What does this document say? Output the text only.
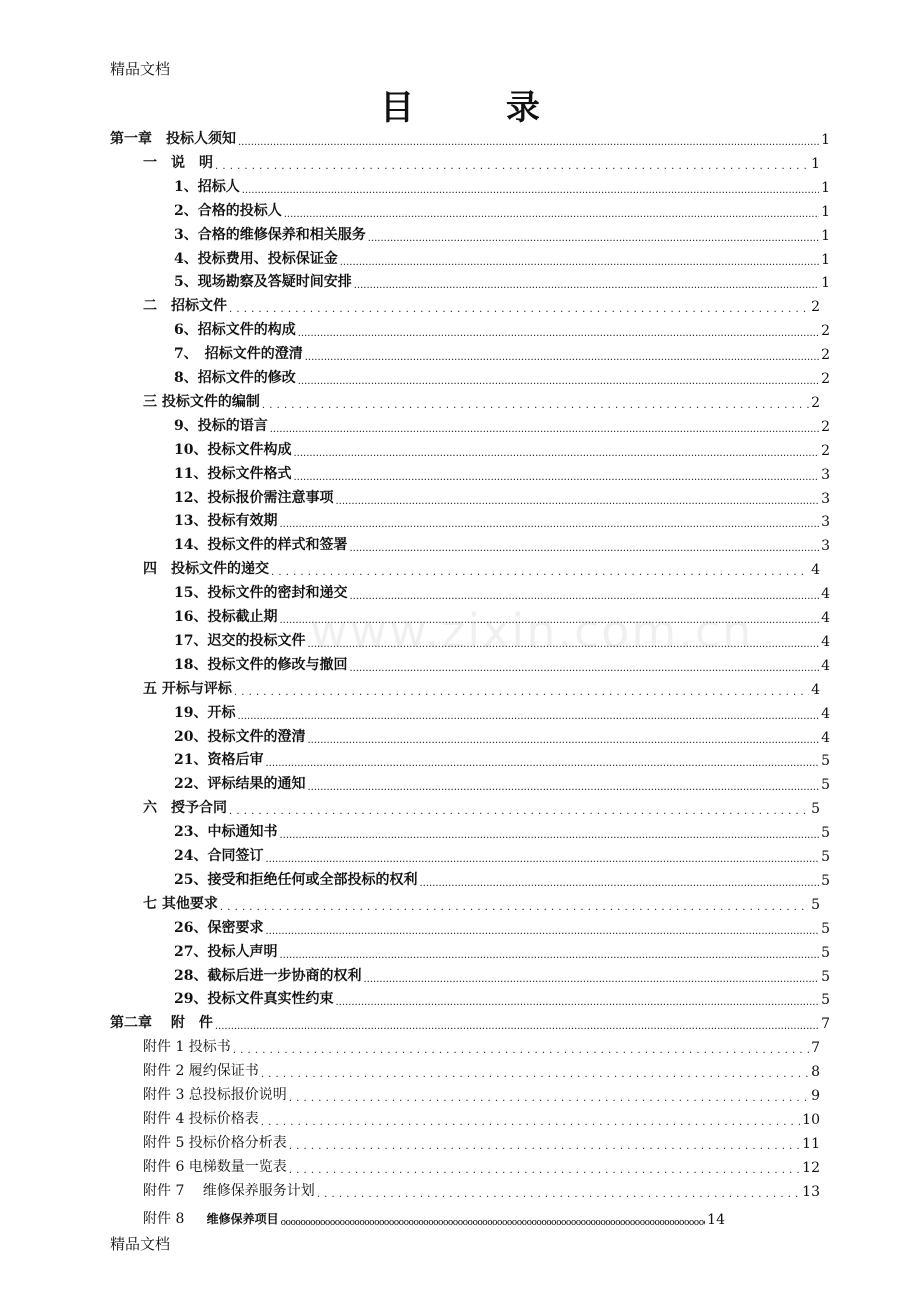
精品文档
目 录
www.zixin.com.cn
第一章　投标人须知 .....	1
一　说　明 . . .	1
1、招标人 .....	1
2、合格的投标人 .....	1
3、合格的维修保养和相关服务 .....	1
4、投标费用、投标保证金 .....	1
5、现场勘察及答疑时间安排 .....	1
二　招标文件 . . .	2
6、招标文件的构成 .....	2
7、　招标文件的澄清 .....	2
8、招标文件的修改 .....	2
三 投标文件的编制 . . .	2
9、投标的语言 .....	2
10、投标文件构成 .....	2
11、投标文件格式 .....	3
12、投标报价需注意事项 .....	3
13、投标有效期 .....	3
14、投标文件的样式和签署 .....	3
四　投标文件的递交 . . .	4
15、投标文件的密封和递交 .....	4
16、投标截止期 .....	4
17、迟交的投标文件 .....	4
18、投标文件的修改与撤回 .....	4
五 开标与评标 . . .	4
19、开标 .....	4
20、投标文件的澄清 .....	4
21、资格后审 .....	5
22、评标结果的通知 .....	5
六　授予合同 . . .	5
23、中标通知书 .....	5
24、合同签订 .....	5
25、接受和拒绝任何或全部投标的权利 .....	5
七 其他要求 . . .	5
26、保密要求 .....	5
27、投标人声明 .....	5
28、截标后进一步协商的权利 .....	5
29、投标文件真实性约束 .....	5
第二章　 附　件 .....	7
附件 1 投标书 . . .	7
附件 2 履约保证书 . . .	8
附件 3 总投标报价说明 . . .	9
附件 4 投标价格表 . . .	10
附件 5 投标价格分析表 . . .	11
附件 6 电梯数量一览表 . . .	12
附件 7　 维修保养服务计划 . . .	13
附件 8 维修保养项目 oooooooooooooooooooooooooooooooooooooooooooooooooooooooooooooooooooooooooooooooooooooooooooooooooooooooooooooooooooooooooooooooooooooooooooooooooooooooooooo	14
精品文档
